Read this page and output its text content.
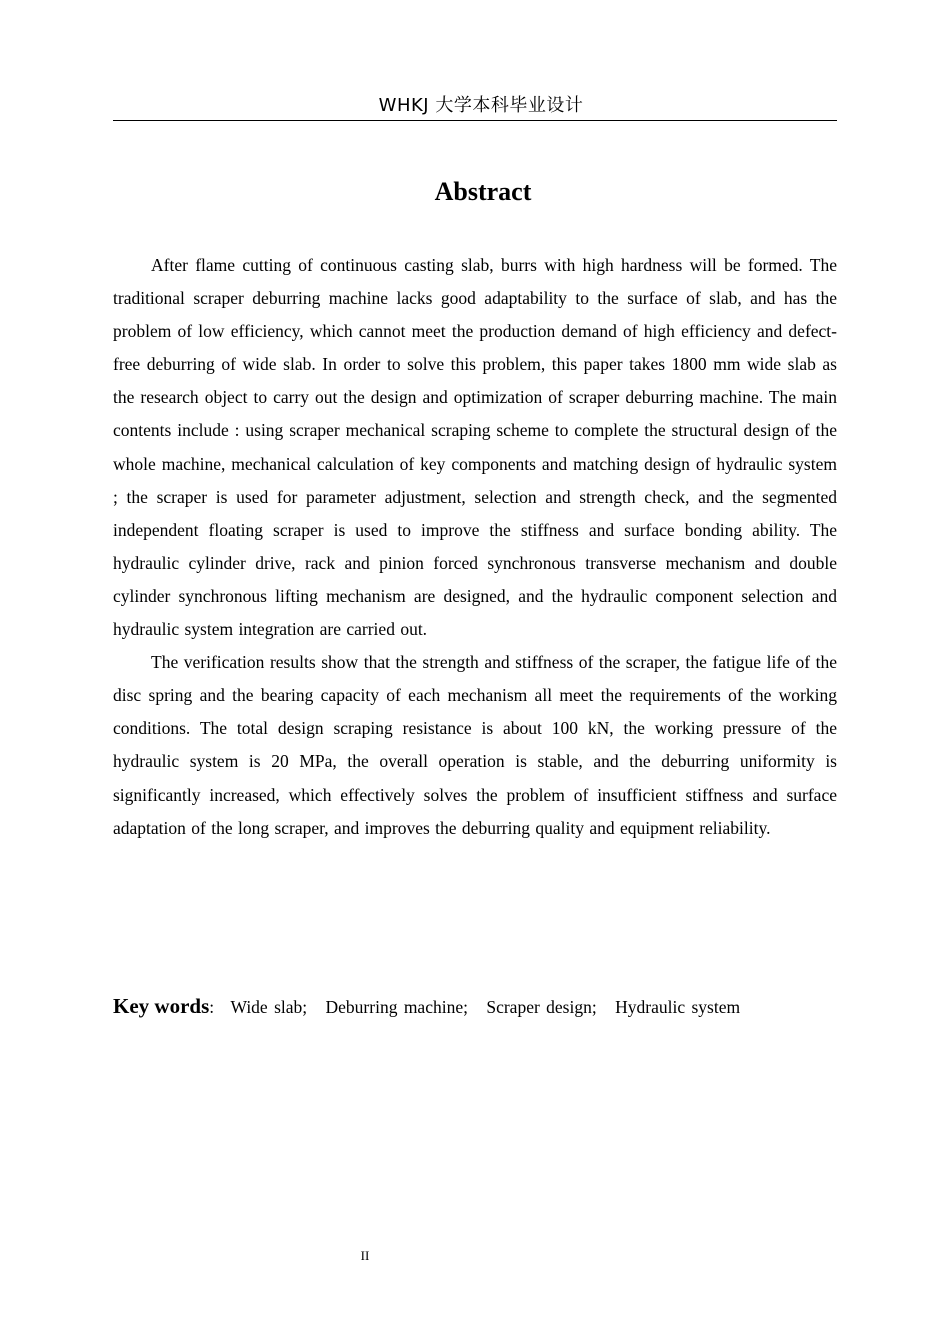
WHKJ 大学本科毕业设计
Abstract

After flame cutting of continuous casting slab, burrs with high hardness will be formed. The traditional scraper deburring machine lacks good adaptability to the surface of slab, and has the problem of low efficiency, which cannot meet the production demand of high efficiency and defect-free deburring of wide slab. In order to solve this problem, this paper takes 1800 mm wide slab as the research object to carry out the design and optimization of scraper deburring machine. The main contents include : using scraper mechanical scraping scheme to complete the structural design of the whole machine, mechanical calculation of key components and matching design of hydraulic system ; the scraper is used for parameter adjustment, selection and strength check, and the segmented independent floating scraper is used to improve the stiffness and surface bonding ability. The hydraulic cylinder drive, rack and pinion forced synchronous transverse mechanism and double cylinder synchronous lifting mechanism are designed, and the hydraulic component selection and hydraulic system integration are carried out.

The verification results show that the strength and stiffness of the scraper, the fatigue life of the disc spring and the bearing capacity of each mechanism all meet the requirements of the working conditions. The total design scraping resistance is about 100 kN, the working pressure of the hydraulic system is 20 MPa, the overall operation is stable, and the deburring uniformity is significantly increased, which effectively solves the problem of insufficient stiffness and surface adaptation of the long scraper, and improves the deburring quality and equipment reliability.

Key words: Wide slab; Deburring machine; Scraper design; Hydraulic system
II
